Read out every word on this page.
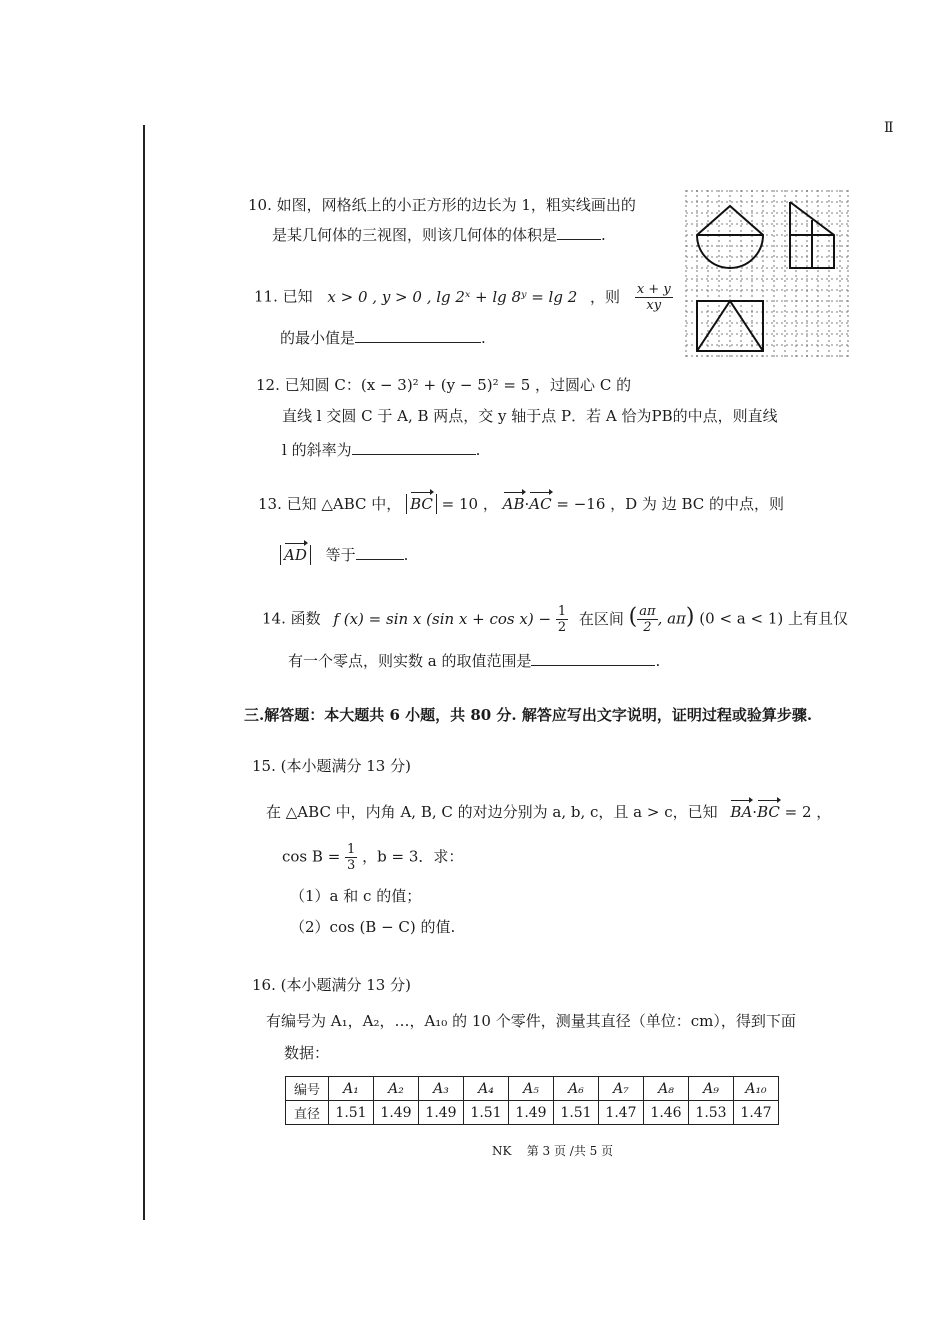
Ⅱ
10. 如图，网格纸上的小正方形的边长为 1，粗实线画出的
是某几何体的三视图，则该几何体的体积是	.
11. 已知 x > 0 , y > 0 , lg 2ˣ + lg 8ʸ = lg 2 ，则 $\frac{x + y}{xy}$
的最小值是	.
12. 已知圆 C：(x − 3)² + (y − 5)² = 5 ，过圆心 C 的
直线 l 交圆 C 于 A, B 两点，交 y 轴于点 P．若 A 恰为PB的中点，则直线
l 的斜率为	.
13. 已知 △ABC 中， BC = 10 ， AB·AC = −16 ，D 为 边 BC 的中点，则
AD 等于	.
14. 函数 f (x) = sin x (sin $x + \cos x) - \frac{1}{2}$ 在区间 ( $\frac{a\pi}{2}$ , aπ) (0 < a < 1) 上有且仅
有一个零点，则实数 a 的取值范围是	.
三.解答题：本大题共 6 小题，共 80 分. 解答应写出文字说明，证明过程或验算步骤.
15. (本小题满分 13 分)
在 △ABC 中，内角 A, B, C 的对边分别为 a, b, c，且 a > c，已知 BA·BC = 2 ，
$\cos B = \frac{1}{3}$ ，b = 3．求：
（1）a 和 c 的值；
（2）cos (B − C) 的值.
16. (本小题满分 13 分)
有编号为 A₁，A₂，…，A₁₀ 的 10 个零件，测量其直径（单位：cm），得到下面
数据：
编号	A₁	A₂	A₃	A₄	A₅	A₆	A₇	A₈	A₉	A₁₀
直径	1.51	1.49	1.49	1.51	1.49	1.51	1.47	1.46	1.53	1.47
NK    第 3 页 /共 5 页
